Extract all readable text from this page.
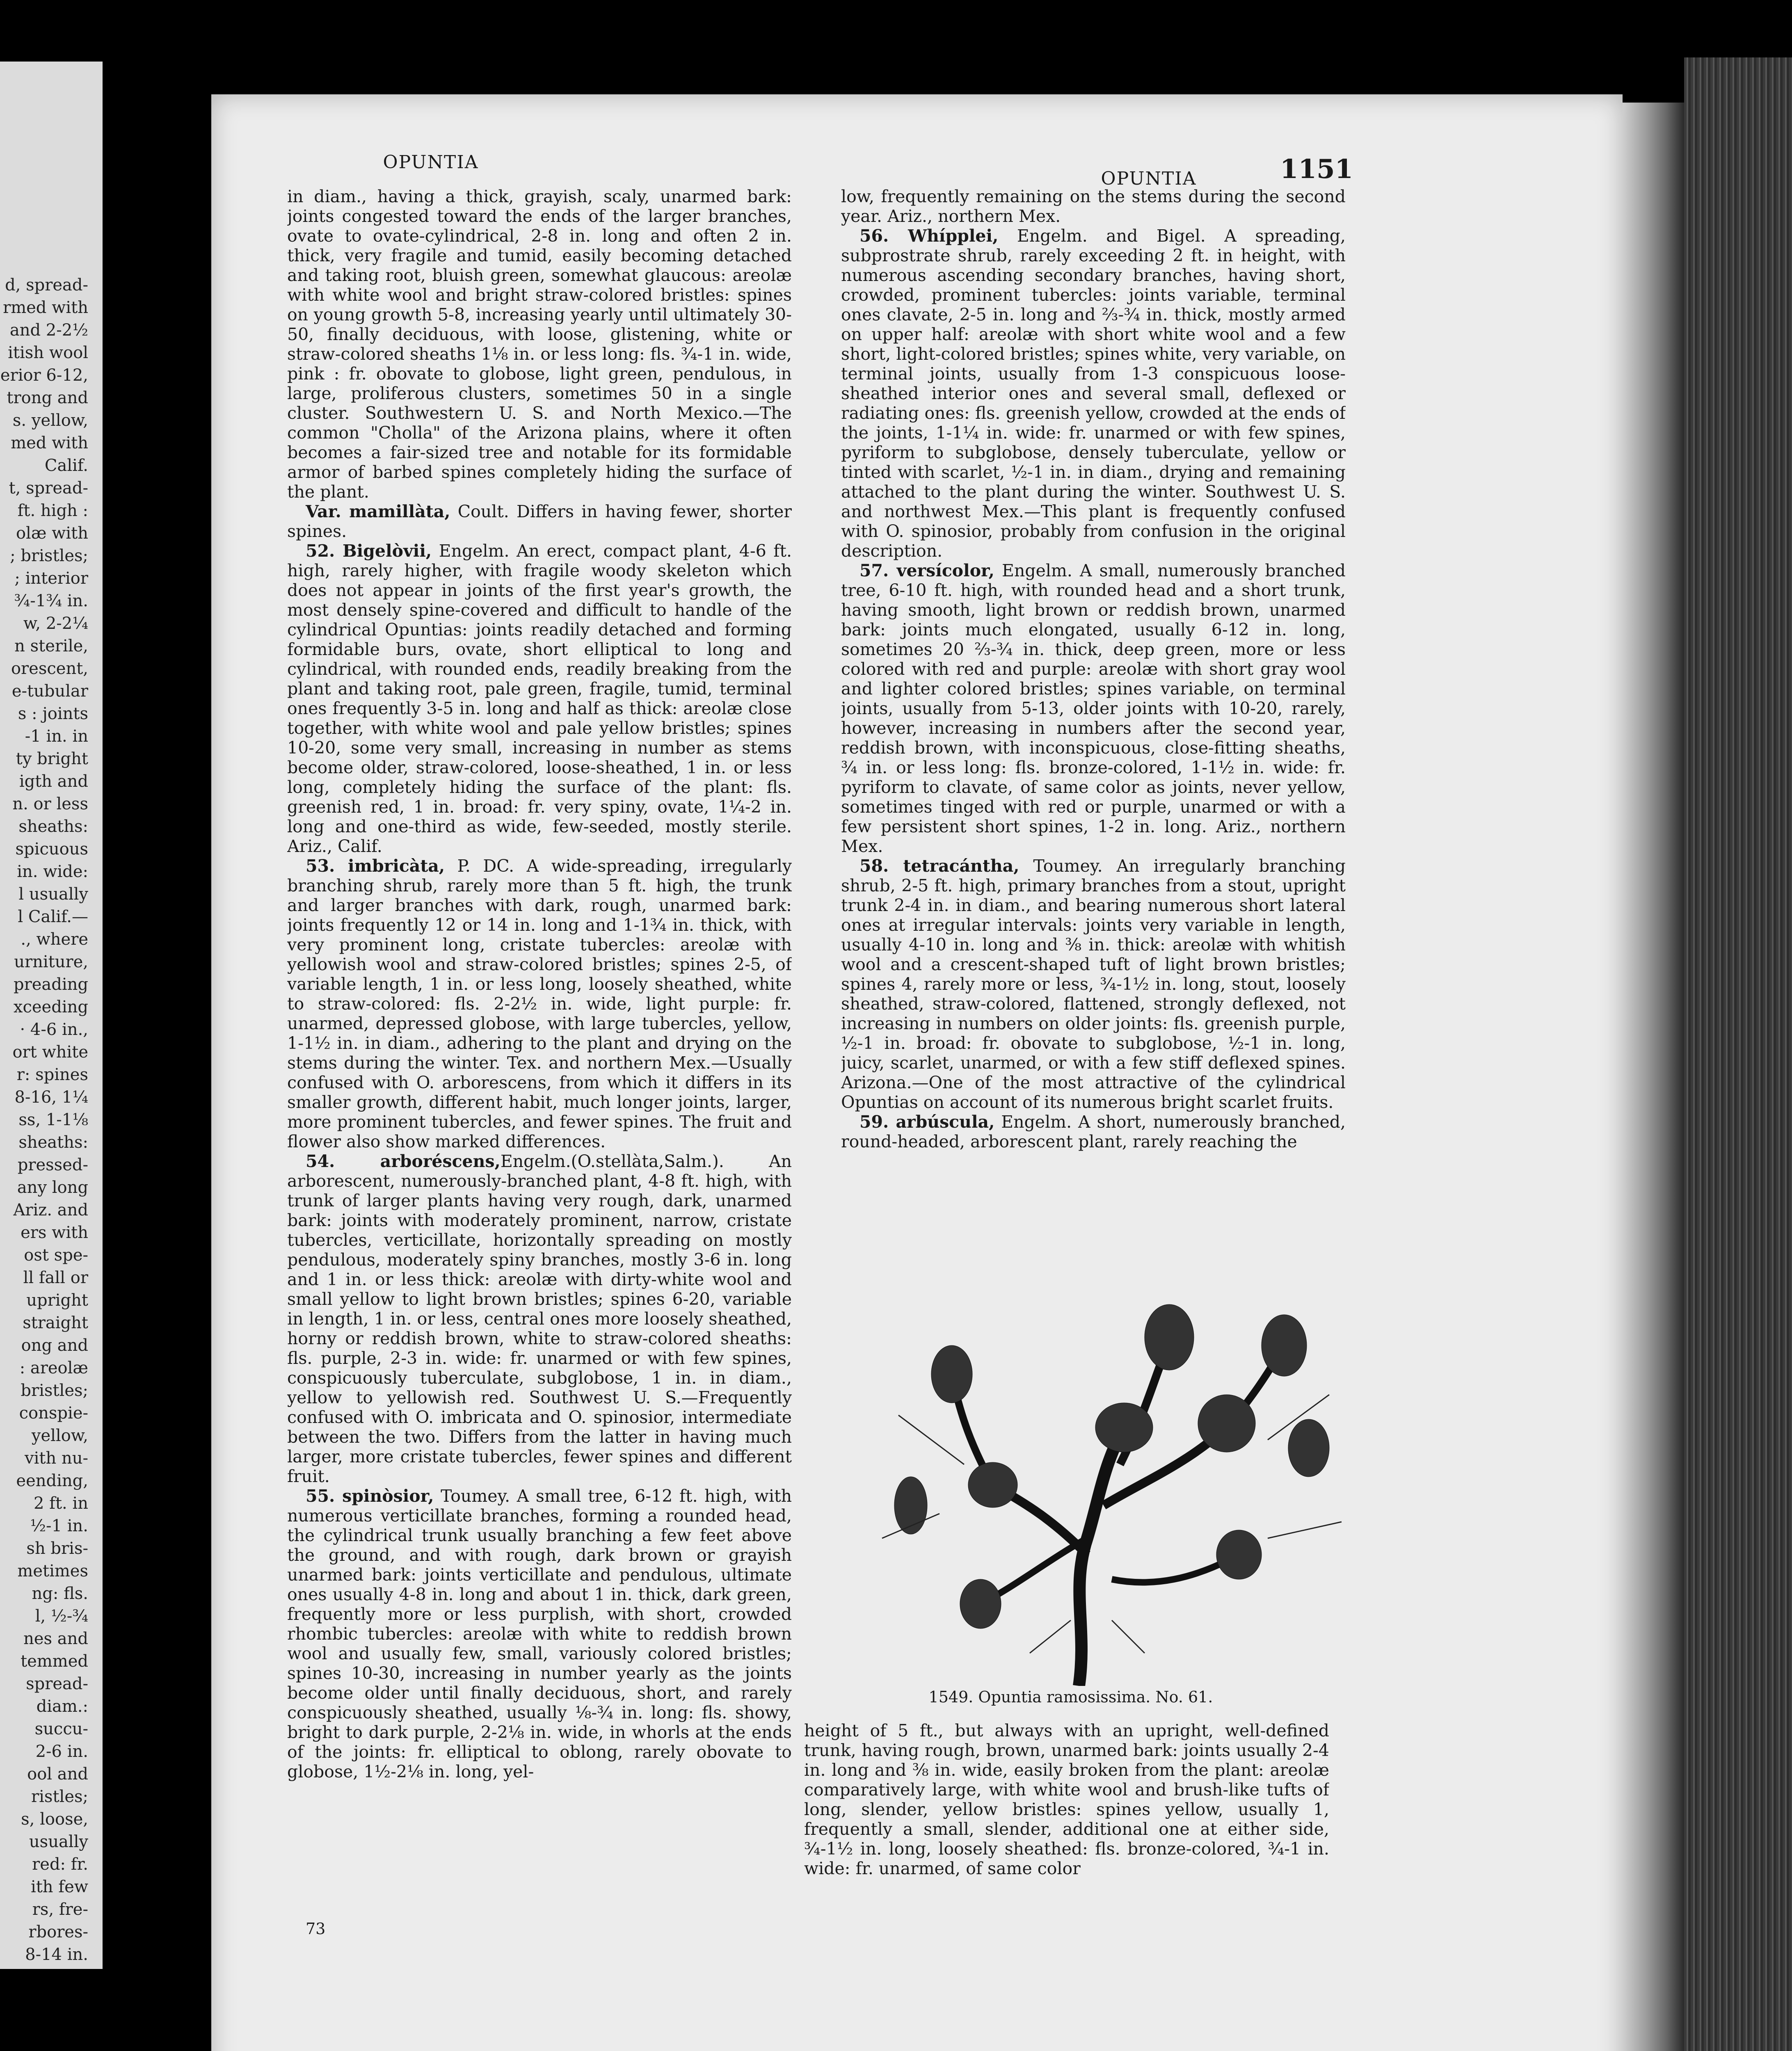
d, spread-
rmed with
and 2-2½
itish wool
erior 6-12,
trong and
s. yellow,
med with
Calif.
t, spread-
ft. high :
olæ with
; bristles;
; interior
¾-1¾ in.
w, 2-2¼
n sterile,
orescent,
e-tubular
s : joints
-1 in. in
ty bright
igth and
n. or less
sheaths:
spicuous
in. wide:
l usually
l Calif.—
., where
urniture,
preading
xceeding
· 4-6 in.,
ort white
r: spines
8-16, 1¼
ss, 1-1⅛
sheaths:
pressed-
any long
Ariz. and
ers with
ost spe-
ll fall or
upright
straight
ong and
: areolæ
bristles;
conspie-
yellow,
vith nu-
eending,
2 ft. in
½-1 in.
sh bris-
metimes
ng: fls.
l, ½-¾
nes and
temmed
spread-
diam.:
succu-
2-6 in.
ool and
ristles;
s, loose,
usually
red: fr.
ith few
rs, fre-
rbores-
8-14 in.
OPUNTIA
OPUNTIA	1151

in diam., having a thick, grayish, scaly, unarmed bark: joints congested toward the ends of the larger branches, ovate to ovate-cylindrical, 2-8 in. long and often 2 in. thick, very fragile and tumid, easily becoming detached and taking root, bluish green, somewhat glaucous: areolæ with white wool and bright straw-colored bristles: spines on young growth 5-8, increasing yearly until ultimately 30-50, finally deciduous, with loose, glistening, white or straw-colored sheaths 1⅛ in. or less long: fls. ¾-1 in. wide, pink : fr. obovate to globose, light green, pendulous, in large, proliferous clusters, sometimes 50 in a single cluster. Southwestern U. S. and North Mexico.—The common "Cholla" of the Arizona plains, where it often becomes a fair-sized tree and notable for its formidable armor of barbed spines completely hiding the surface of the plant.

Var. mamillàta, Coult. Differs in having fewer, shorter spines.

52. Bigelòvii, Engelm. An erect, compact plant, 4-6 ft. high, rarely higher, with fragile woody skeleton which does not appear in joints of the first year's growth, the most densely spine-covered and difficult to handle of the cylindrical Opuntias: joints readily detached and forming formidable burs, ovate, short elliptical to long and cylindrical, with rounded ends, readily breaking from the plant and taking root, pale green, fragile, tumid, terminal ones frequently 3-5 in. long and half as thick: areolæ close together, with white wool and pale yellow bristles; spines 10-20, some very small, increasing in number as stems become older, straw-colored, loose-sheathed, 1 in. or less long, completely hiding the surface of the plant: fls. greenish red, 1 in. broad: fr. very spiny, ovate, 1¼-2 in. long and one-third as wide, few-seeded, mostly sterile. Ariz., Calif.

53. imbricàta, P. DC. A wide-spreading, irregularly branching shrub, rarely more than 5 ft. high, the trunk and larger branches with dark, rough, unarmed bark: joints frequently 12 or 14 in. long and 1-1¾ in. thick, with very prominent long, cristate tubercles: areolæ with yellowish wool and straw-colored bristles; spines 2-5, of variable length, 1 in. or less long, loosely sheathed, white to straw-colored: fls. 2-2½ in. wide, light purple: fr. unarmed, depressed globose, with large tubercles, yellow, 1-1½ in. in diam., adhering to the plant and drying on the stems during the winter. Tex. and northern Mex.—Usually confused with O. arborescens, from which it differs in its smaller growth, different habit, much longer joints, larger, more prominent tubercles, and fewer spines. The fruit and flower also show marked differences.

54. arboréscens,Engelm.(O.stellàta,Salm.). An arborescent, numerously-branched plant, 4-8 ft. high, with trunk of larger plants having very rough, dark, unarmed bark: joints with moderately prominent, narrow, cristate tubercles, verticillate, horizontally spreading on mostly pendulous, moderately spiny branches, mostly 3-6 in. long and 1 in. or less thick: areolæ with dirty-white wool and small yellow to light brown bristles; spines 6-20, variable in length, 1 in. or less, central ones more loosely sheathed, horny or reddish brown, white to straw-colored sheaths: fls. purple, 2-3 in. wide: fr. unarmed or with few spines, conspicuously tuberculate, subglobose, 1 in. in diam., yellow to yellowish red. Southwest U. S.—Frequently confused with O. imbricata and O. spinosior, intermediate between the two. Differs from the latter in having much larger, more cristate tubercles, fewer spines and different fruit.

55. spinòsior, Toumey. A small tree, 6-12 ft. high, with numerous verticillate branches, forming a rounded head, the cylindrical trunk usually branching a few feet above the ground, and with rough, dark brown or grayish unarmed bark: joints verticillate and pendulous, ultimate ones usually 4-8 in. long and about 1 in. thick, dark green, frequently more or less purplish, with short, crowded rhombic tubercles: areolæ with white to reddish brown wool and usually few, small, variously colored bristles; spines 10-30, increasing in number yearly as the joints become older until finally deciduous, short, and rarely conspicuously sheathed, usually ⅛-¾ in. long: fls. showy, bright to dark purple, 2-2⅛ in. wide, in whorls at the ends of the joints: fr. elliptical to oblong, rarely obovate to globose, 1½-2⅛ in. long, yel-

low, frequently remaining on the stems during the second year. Ariz., northern Mex.

56. Whípplei, Engelm. and Bigel. A spreading, subprostrate shrub, rarely exceeding 2 ft. in height, with numerous ascending secondary branches, having short, crowded, prominent tubercles: joints variable, terminal ones clavate, 2-5 in. long and ⅔-¾ in. thick, mostly armed on upper half: areolæ with short white wool and a few short, light-colored bristles; spines white, very variable, on terminal joints, usually from 1-3 conspicuous loose-sheathed interior ones and several small, deflexed or radiating ones: fls. greenish yellow, crowded at the ends of the joints, 1-1¼ in. wide: fr. unarmed or with few spines, pyriform to subglobose, densely tuberculate, yellow or tinted with scarlet, ½-1 in. in diam., drying and remaining attached to the plant during the winter. Southwest U. S. and northwest Mex.—This plant is frequently confused with O. spinosior, probably from confusion in the original description.

57. versícolor, Engelm. A small, numerously branched tree, 6-10 ft. high, with rounded head and a short trunk, having smooth, light brown or reddish brown, unarmed bark: joints much elongated, usually 6-12 in. long, sometimes 20 ⅔-¾ in. thick, deep green, more or less colored with red and purple: areolæ with short gray wool and lighter colored bristles; spines variable, on terminal joints, usually from 5-13, older joints with 10-20, rarely, however, increasing in numbers after the second year, reddish brown, with inconspicuous, close-fitting sheaths, ¾ in. or less long: fls. bronze-colored, 1-1½ in. wide: fr. pyriform to clavate, of same color as joints, never yellow, sometimes tinged with red or purple, unarmed or with a few persistent short spines, 1-2 in. long. Ariz., northern Mex.

58. tetracántha, Toumey. An irregularly branching shrub, 2-5 ft. high, primary branches from a stout, upright trunk 2-4 in. in diam., and bearing numerous short lateral ones at irregular intervals: joints very variable in length, usually 4-10 in. long and ⅜ in. thick: areolæ with whitish wool and a crescent-shaped tuft of light brown bristles; spines 4, rarely more or less, ¾-1½ in. long, stout, loosely sheathed, straw-colored, flattened, strongly deflexed, not increasing in numbers on older joints: fls. greenish purple, ½-1 in. broad: fr. obovate to subglobose, ½-1 in. long, juicy, scarlet, unarmed, or with a few stiff deflexed spines. Arizona.—One of the most attractive of the cylindrical Opuntias on account of its numerous bright scarlet fruits.

59. arbúscula, Engelm. A short, numerously branched, round-headed, arborescent plant, rarely reaching the

1549. Opuntia ramosissima. No. 61.

height of 5 ft., but always with an upright, well-defined trunk, having rough, brown, unarmed bark: joints usually 2-4 in. long and ⅜ in. wide, easily broken from the plant: areolæ comparatively large, with white wool and brush-like tufts of long, slender, yellow bristles: spines yellow, usually 1, frequently a small, slender, additional one at either side, ¾-1½ in. long, loosely sheathed: fls. bronze-colored, ¾-1 in. wide: fr. unarmed, of same color

73
